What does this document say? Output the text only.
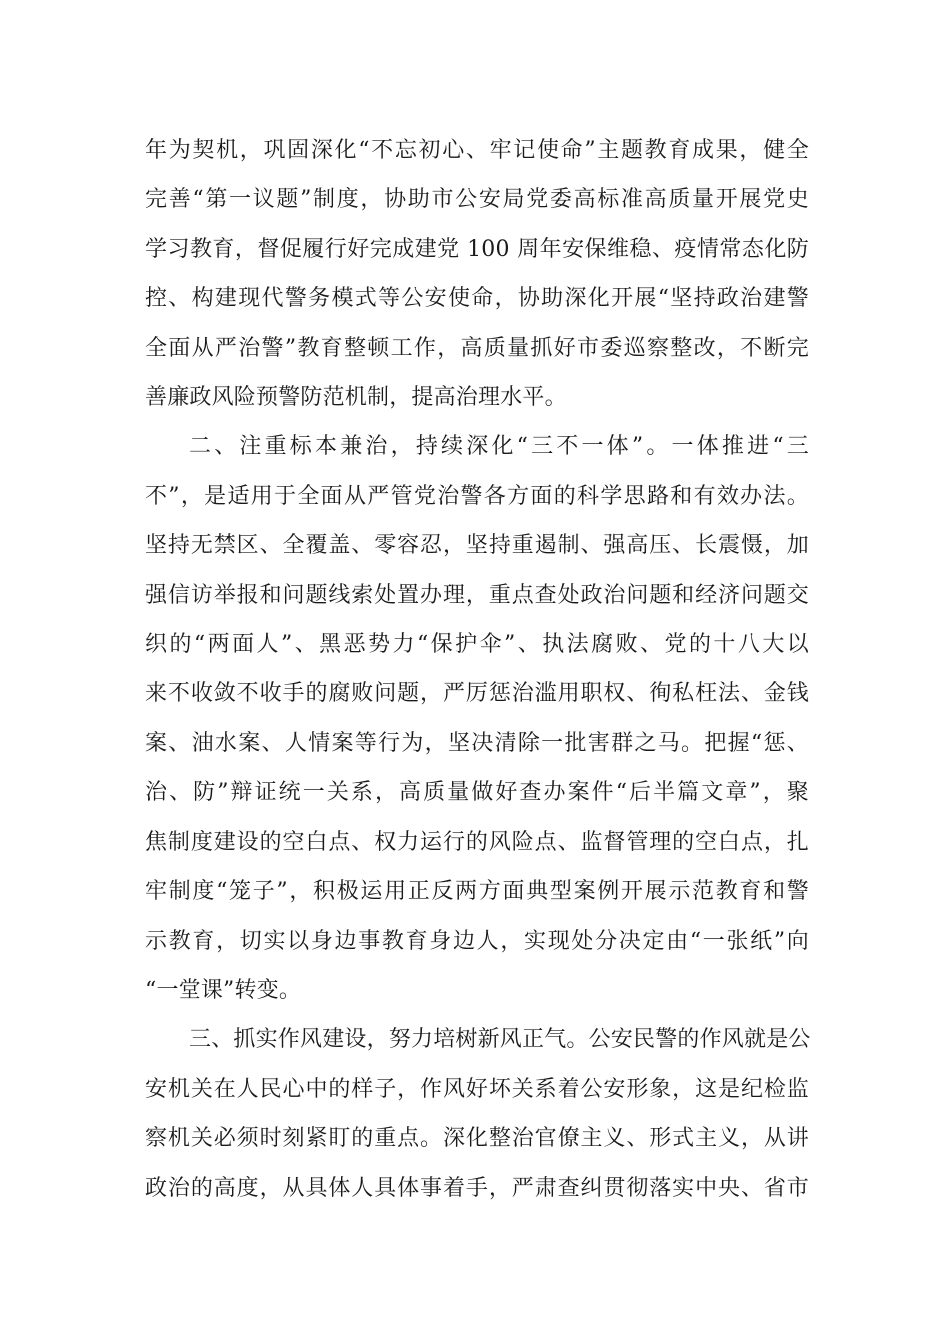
年为契机，巩固深化“不忘初心、牢记使命”主题教育成果，健全
完善“第一议题”制度，协助市公安局党委高标准高质量开展党史
学习教育，督促履行好完成建党 100 周年安保维稳、疫情常态化防
控、构建现代警务模式等公安使命，协助深化开展“坚持政治建警
全面从严治警”教育整顿工作，高质量抓好市委巡察整改，不断完
善廉政风险预警防范机制，提高治理水平。

二、注重标本兼治，持续深化“三不一体”。一体推进“三
不”，是适用于全面从严管党治警各方面的科学思路和有效办法。
坚持无禁区、全覆盖、零容忍，坚持重遏制、强高压、长震慑，加
强信访举报和问题线索处置办理，重点查处政治问题和经济问题交
织的“两面人”、黑恶势力“保护伞”、执法腐败、党的十八大以
来不收敛不收手的腐败问题，严厉惩治滥用职权、徇私枉法、金钱
案、油水案、人情案等行为，坚决清除一批害群之马。把握“惩、
治、防”辩证统一关系，高质量做好查办案件“后半篇文章”，聚
焦制度建设的空白点、权力运行的风险点、监督管理的空白点，扎
牢制度“笼子”，积极运用正反两方面典型案例开展示范教育和警
示教育，切实以身边事教育身边人，实现处分决定由“一张纸”向
“一堂课”转变。

三、抓实作风建设，努力培树新风正气。公安民警的作风就是公
安机关在人民心中的样子，作风好坏关系着公安形象，这是纪检监
察机关必须时刻紧盯的重点。深化整治官僚主义、形式主义，从讲
政治的高度，从具体人具体事着手，严肃查纠贯彻落实中央、省市
